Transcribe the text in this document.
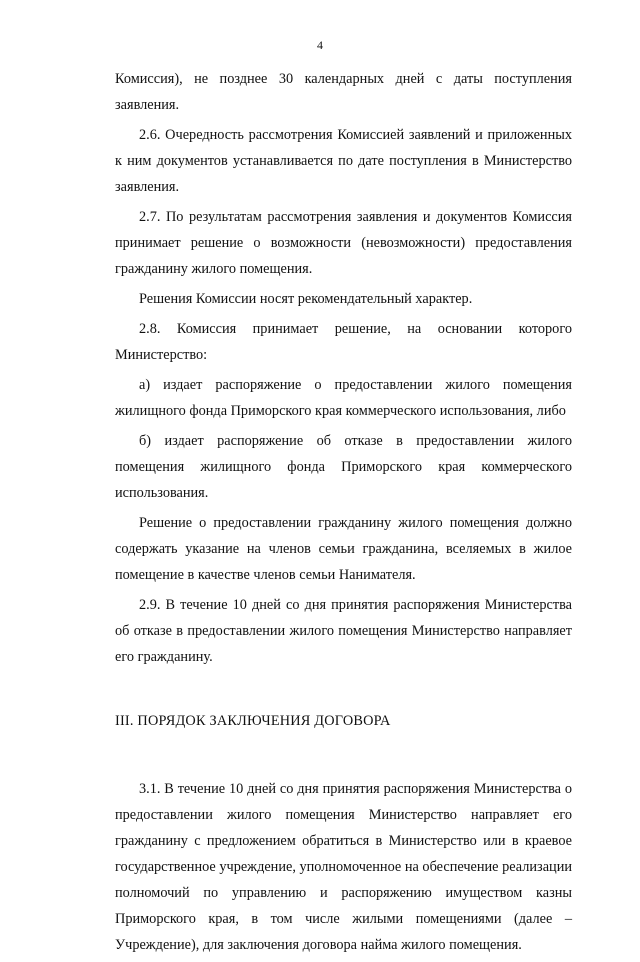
4

Комиссия), не позднее 30 календарных дней с даты поступления заявления.

2.6. Очередность рассмотрения Комиссией заявлений и приложенных к ним документов устанавливается по дате поступления в Министерство заявления.

2.7. По результатам рассмотрения заявления и документов Комиссия принимает решение о возможности (невозможности) предоставления гражданину жилого помещения.

Решения Комиссии носят рекомендательный характер.

2.8. Комиссия принимает решение, на основании которого Министерство:

а) издает распоряжение о предоставлении жилого помещения жилищного фонда Приморского края коммерческого использования, либо

б) издает распоряжение об отказе в предоставлении жилого помещения жилищного фонда Приморского края коммерческого использования.

Решение о предоставлении гражданину жилого помещения должно содержать указание на членов семьи гражданина, вселяемых в жилое помещение в качестве членов семьи Нанимателя.

2.9. В течение 10 дней со дня принятия распоряжения Министерства об отказе в предоставлении жилого помещения Министерство направляет его гражданину.

III. ПОРЯДОК ЗАКЛЮЧЕНИЯ ДОГОВОРА

3.1. В течение 10 дней со дня принятия распоряжения Министерства о предоставлении жилого помещения Министерство направляет его гражданину с предложением обратиться в Министерство или в краевое государственное учреждение, уполномоченное на обеспечение реализации полномочий по управлению и распоряжению имуществом казны Приморского края, в том числе жилыми помещениями (далее – Учреждение), для заключения договора найма жилого помещения.
